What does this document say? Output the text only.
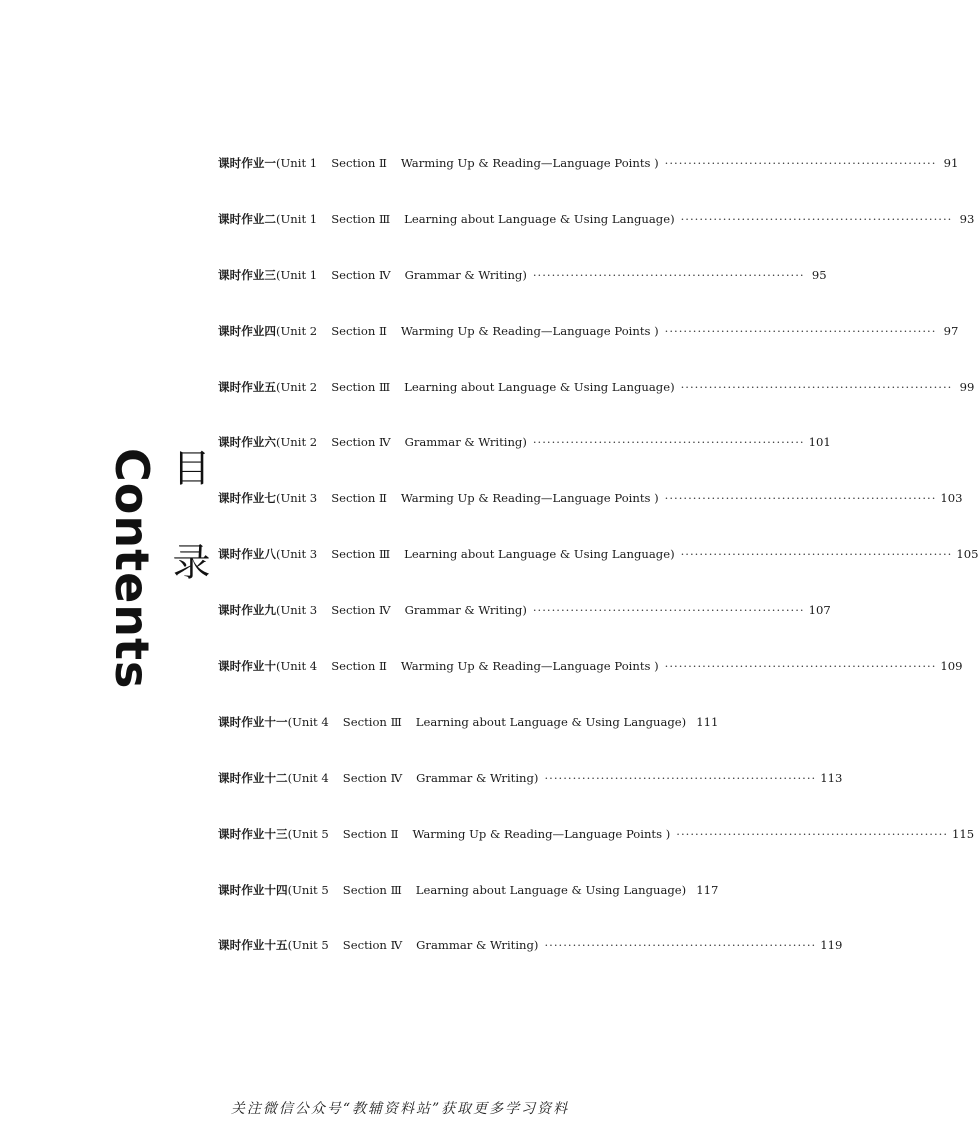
Contents 目录
课时作业一 (Unit 1 Section Ⅱ Warming Up & Reading—Language Points ) ·························································· 91
课时作业二 (Unit 1 Section Ⅲ Learning about Language & Using Language) ·························································· 93
课时作业三 (Unit 1 Section Ⅳ Grammar & Writing) ·························································· 95
课时作业四 (Unit 2 Section Ⅱ Warming Up & Reading—Language Points ) ·························································· 97
课时作业五 (Unit 2 Section Ⅲ Learning about Language & Using Language) ·························································· 99
课时作业六 (Unit 2 Section Ⅳ Grammar & Writing) ·························································· 101
课时作业七 (Unit 3 Section Ⅱ Warming Up & Reading—Language Points ) ·························································· 103
课时作业八 (Unit 3 Section Ⅲ Learning about Language & Using Language) ·························································· 105
课时作业九 (Unit 3 Section Ⅳ Grammar & Writing) ·························································· 107
课时作业十 (Unit 4 Section Ⅱ Warming Up & Reading—Language Points ) ·························································· 109
课时作业十一 (Unit 4 Section Ⅲ Learning about Language & Using Language) 111
课时作业十二 (Unit 4 Section Ⅳ Grammar & Writing) ·························································· 113
课时作业十三 (Unit 5 Section Ⅱ Warming Up & Reading—Language Points ) ·························································· 115
课时作业十四 (Unit 5 Section Ⅲ Learning about Language & Using Language) 117
课时作业十五 (Unit 5 Section Ⅳ Grammar & Writing) ·························································· 119
关注微信公众号“教辅资料站”获取更多学习资料
